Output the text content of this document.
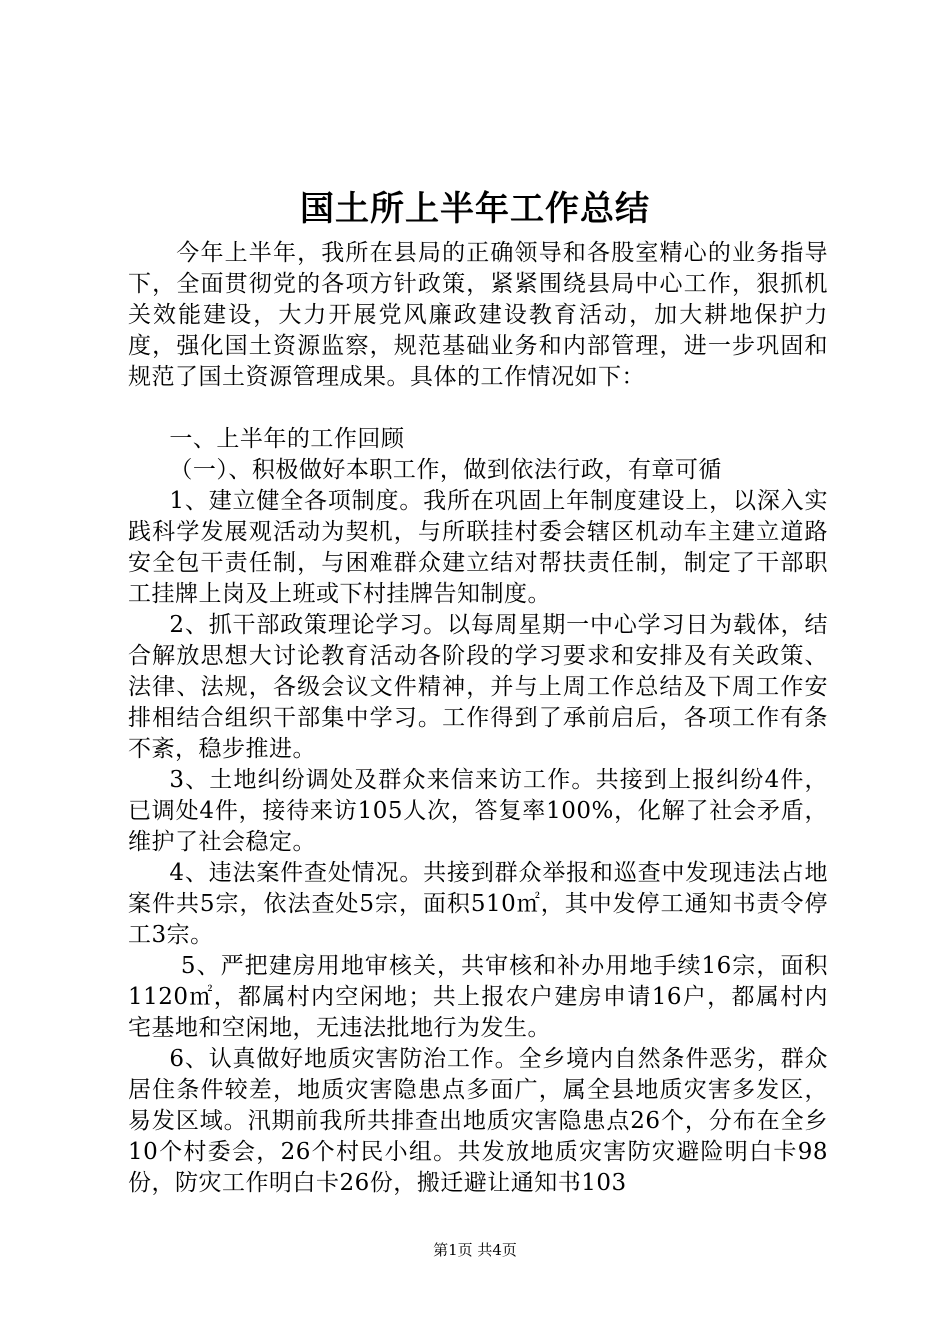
国土所上半年工作总结

今年上半年，我所在县局的正确领导和各股室精心的业务指导下，全面贯彻党的各项方针政策，紧紧围绕县局中心工作，狠抓机关效能建设，大力开展党风廉政建设教育活动，加大耕地保护力度，强化国土资源监察，规范基础业务和内部管理，进一步巩固和规范了国土资源管理成果。具体的工作情况如下：

一、上半年的工作回顾

（一）、积极做好本职工作，做到依法行政，有章可循

1、建立健全各项制度。我所在巩固上年制度建设上，以深入实践科学发展观活动为契机，与所联挂村委会辖区机动车主建立道路安全包干责任制，与困难群众建立结对帮扶责任制，制定了干部职工挂牌上岗及上班或下村挂牌告知制度。

2、抓干部政策理论学习。以每周星期一中心学习日为载体，结合解放思想大讨论教育活动各阶段的学习要求和安排及有关政策、法律、法规，各级会议文件精神，并与上周工作总结及下周工作安排相结合组织干部集中学习。工作得到了承前启后，各项工作有条不紊，稳步推进。

3、土地纠纷调处及群众来信来访工作。共接到上报纠纷4件，已调处4件，接待来访105人次，答复率100%，化解了社会矛盾，维护了社会稳定。

4、违法案件查处情况。共接到群众举报和巡查中发现违法占地案件共5宗，依法查处5宗，面积510㎡，其中发停工通知书责令停工3宗。

5、严把建房用地审核关，共审核和补办用地手续16宗，面积1120㎡，都属村内空闲地；共上报农户建房申请16户，都属村内宅基地和空闲地，无违法批地行为发生。

6、认真做好地质灾害防治工作。全乡境内自然条件恶劣，群众居住条件较差，地质灾害隐患点多面广，属全县地质灾害多发区，易发区域。汛期前我所共排查出地质灾害隐患点26个，分布在全乡10个村委会，26个村民小组。共发放地质灾害防灾避险明白卡98份，防灾工作明白卡26份，搬迁避让通知书103

第1页 共4页
